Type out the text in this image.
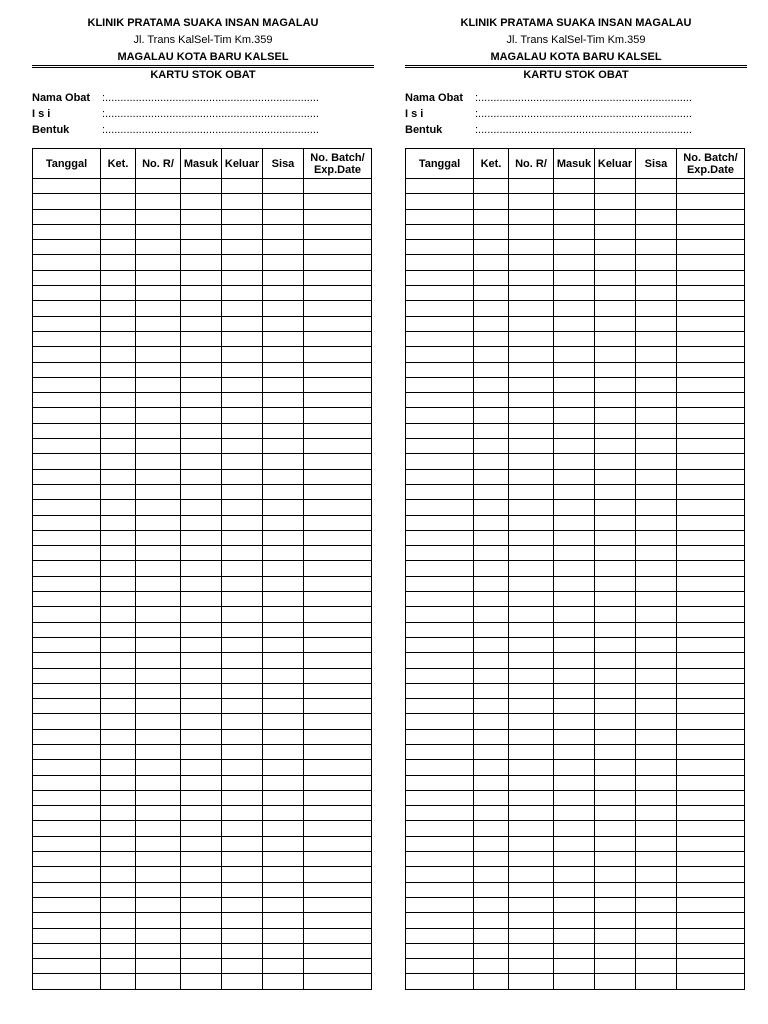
KLINIK PRATAMA SUAKA INSAN MAGALAU
Jl. Trans KalSel-Tim Km.359
MAGALAU KOTA BARU KALSEL
KARTU STOK OBAT
Nama Obat :......................................................................
I s i	:......................................................................
Bentuk	:......................................................................
Tanggal	Ket.	No. R/	Masuk	Keluar	Sisa	No. Batch/
Exp.Date

KLINIK PRATAMA SUAKA INSAN MAGALAU
Jl. Trans KalSel-Tim Km.359
MAGALAU KOTA BARU KALSEL
KARTU STOK OBAT
Nama Obat :......................................................................
I s i	:......................................................................
Bentuk	:......................................................................
Tanggal	Ket.	No. R/	Masuk	Keluar	Sisa	No. Batch/
Exp.Date
